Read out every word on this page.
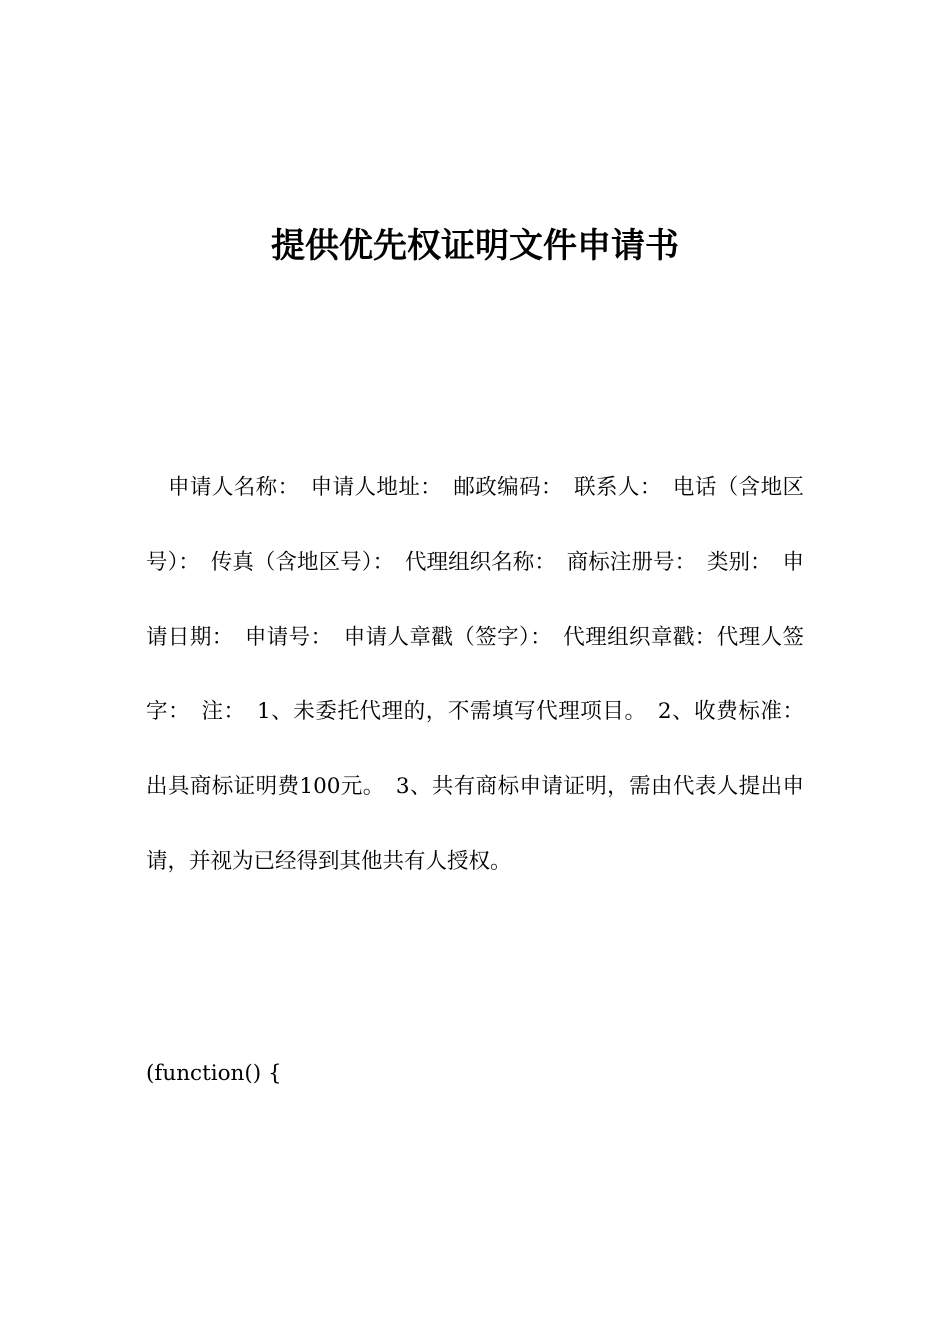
提供优先权证明文件申请书

申请人名称：　申请人地址：　邮政编码：　联系人：　电话（含地区号）：　传真（含地区号）：　代理组织名称：　商标注册号：　类别：　申请日期：　申请号：　申请人章戳（签字）：　代理组织章戳：代理人签字：　注：　1、未委托代理的，不需填写代理项目。　2、收费标准：出具商标证明费100元。　3、共有商标申请证明，需由代表人提出申请，并视为已经得到其他共有人授权。

(function() {
